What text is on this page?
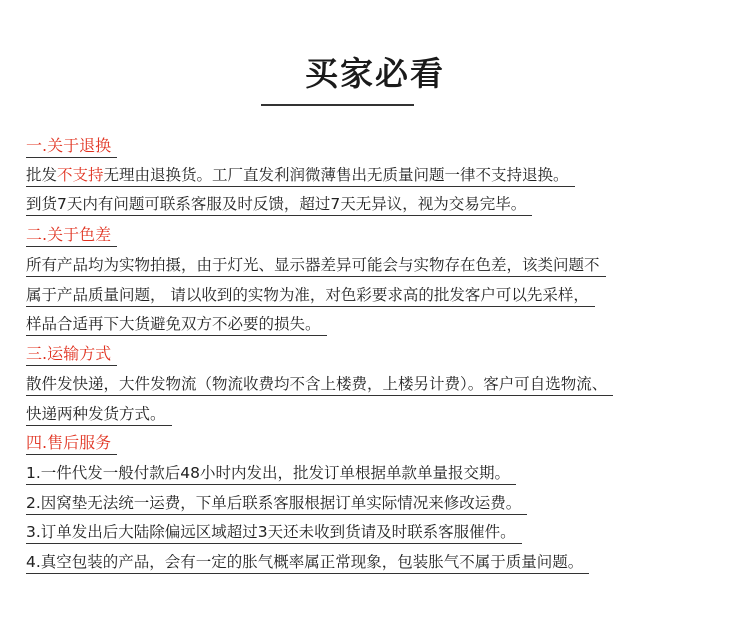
买家必看
一.关于退换
批发不支持无理由退换货。工厂直发利润微薄售出无质量问题一律不支持退换。
到货7天内有问题可联系客服及时反馈，超过7天无异议，视为交易完毕。
二.关于色差
所有产品均为实物拍摄，由于灯光、显示器差异可能会与实物存在色差，该类问题不
属于产品质量问题， 请以收到的实物为准，对色彩要求高的批发客户可以先采样，
样品合适再下大货避免双方不必要的损失。
三.运输方式
散件发快递，大件发物流（物流收费均不含上楼费，上楼另计费）。客户可自选物流、
快递两种发货方式。
四.售后服务
1.一件代发一般付款后48小时内发出，批发订单根据单款单量报交期。
2.因窝垫无法统一运费，下单后联系客服根据订单实际情况来修改运费。
3.订单发出后大陆除偏远区域超过3天还未收到货请及时联系客服催件。
4.真空包装的产品，会有一定的胀气概率属正常现象，包装胀气不属于质量问题。
